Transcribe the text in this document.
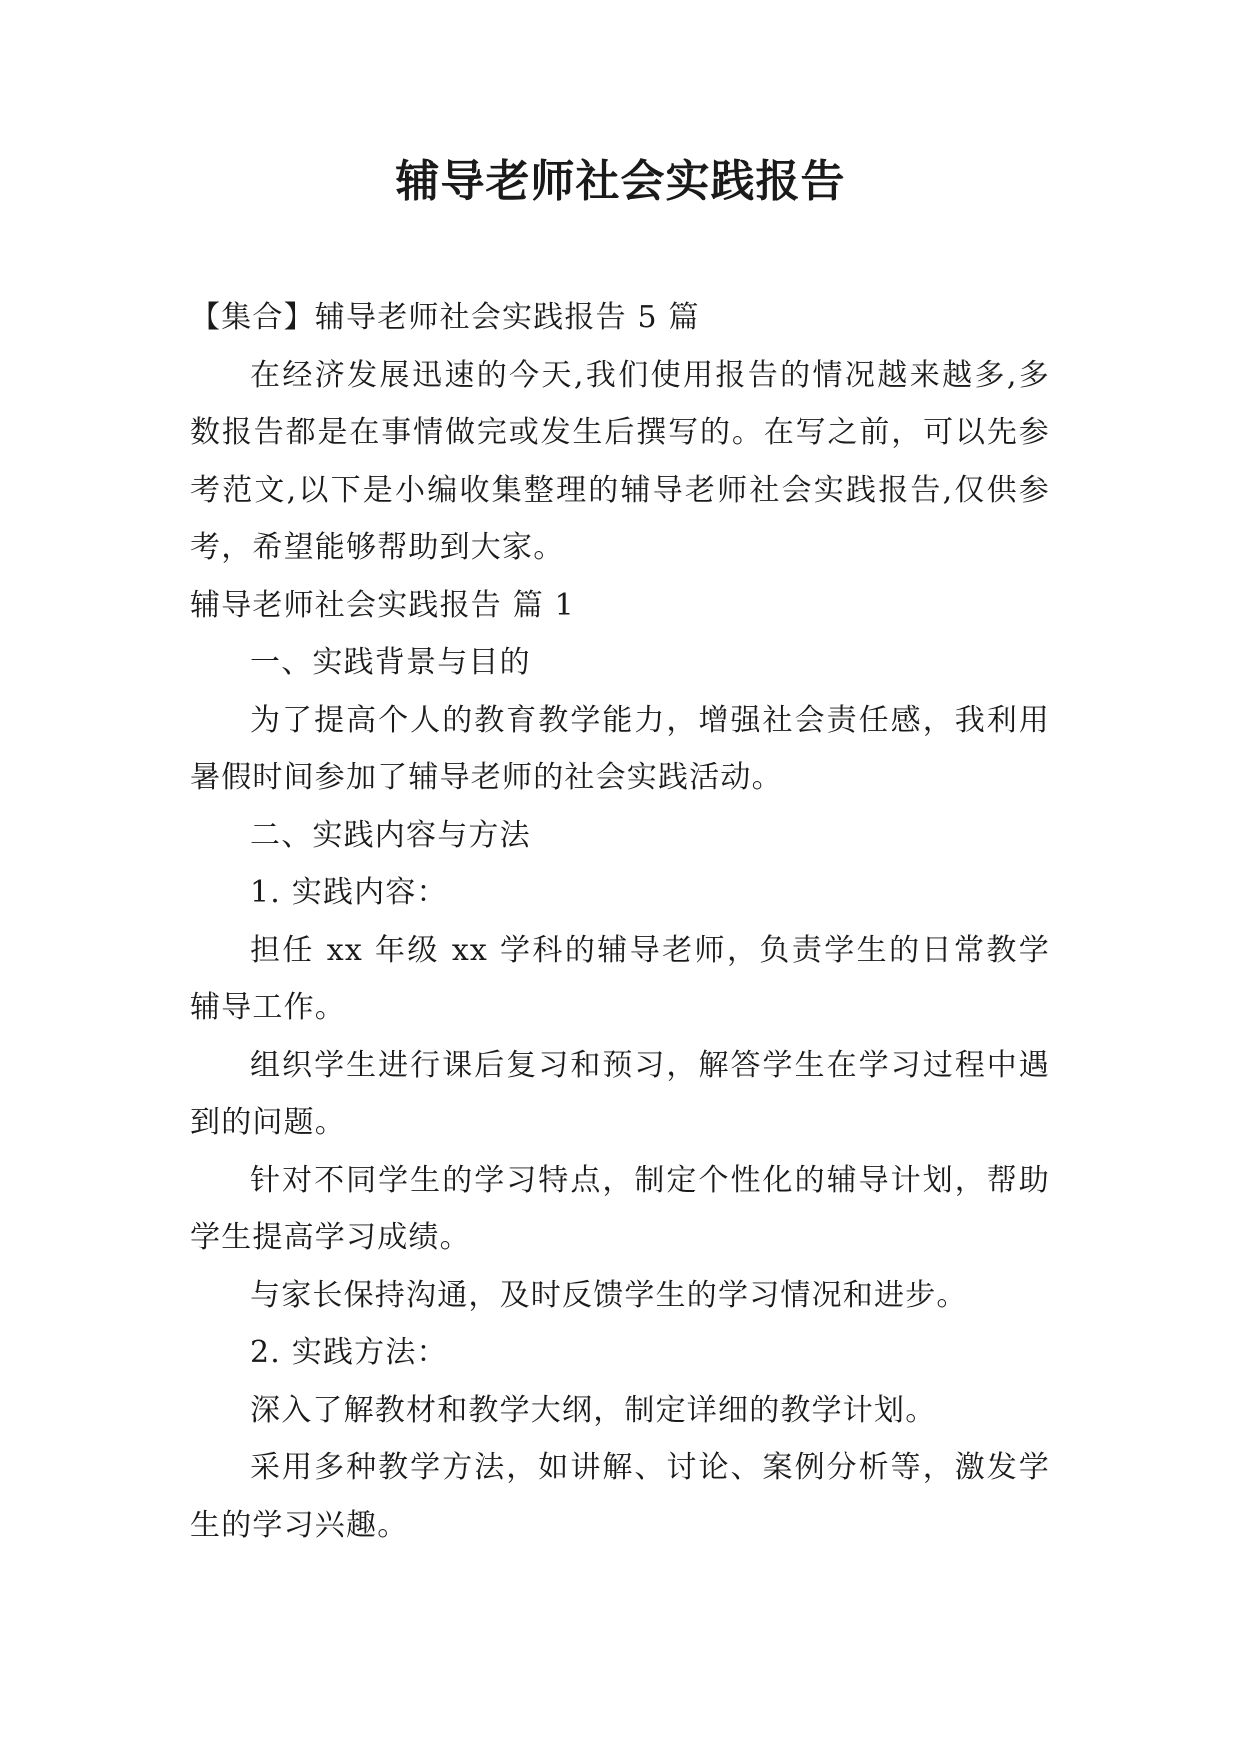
辅导老师社会实践报告

【集合】辅导老师社会实践报告 5 篇

在经济发展迅速的今天,我们使用报告的情况越来越多,多数报告都是在事情做完或发生后撰写的。在写之前，可以先参考范文,以下是小编收集整理的辅导老师社会实践报告,仅供参考，希望能够帮助到大家。

辅导老师社会实践报告 篇 1

一、实践背景与目的

为了提高个人的教育教学能力，增强社会责任感，我利用暑假时间参加了辅导老师的社会实践活动。

二、实践内容与方法

1. 实践内容：

担任 xx 年级 xx 学科的辅导老师，负责学生的日常教学辅导工作。

组织学生进行课后复习和预习，解答学生在学习过程中遇到的问题。

针对不同学生的学习特点，制定个性化的辅导计划，帮助学生提高学习成绩。

与家长保持沟通，及时反馈学生的学习情况和进步。

2. 实践方法：

深入了解教材和教学大纲，制定详细的教学计划。

采用多种教学方法，如讲解、讨论、案例分析等，激发学生的学习兴趣。
